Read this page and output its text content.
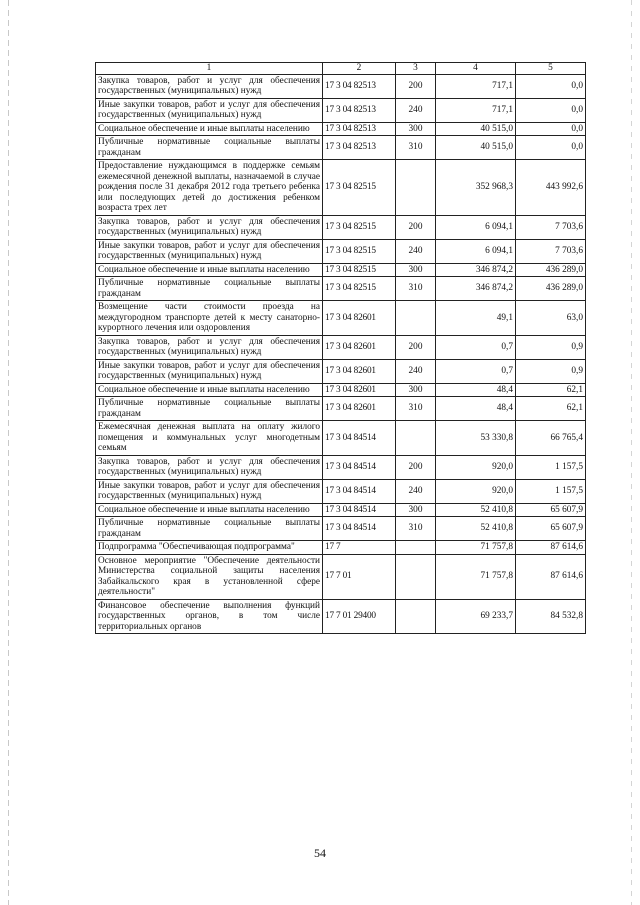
1	2	3	4	5
Закупка товаров, работ и услуг для обеспечения государственных (муниципальных) нужд	17 3 04 82513	200	717,1	0,0
Иные закупки товаров, работ и услуг для обеспечения государственных (муниципальных) нужд	17 3 04 82513	240	717,1	0,0
Социальное обеспечение и иные выплаты населению	17 3 04 82513	300	40 515,0	0,0
Публичные нормативные социальные выплаты гражданам	17 3 04 82513	310	40 515,0	0,0
Предоставление нуждающимся в поддержке семьям ежемесячной денежной выплаты, назначаемой в случае рождения после 31 декабря 2012 года третьего ребенка или последующих детей до достижения ребенком возраста трех лет	17 3 04 82515		352 968,3	443 992,6
Закупка товаров, работ и услуг для обеспечения государственных (муниципальных) нужд	17 3 04 82515	200	6 094,1	7 703,6
Иные закупки товаров, работ и услуг для обеспечения государственных (муниципальных) нужд	17 3 04 82515	240	6 094,1	7 703,6
Социальное обеспечение и иные выплаты населению	17 3 04 82515	300	346 874,2	436 289,0
Публичные нормативные социальные выплаты гражданам	17 3 04 82515	310	346 874,2	436 289,0
Возмещение части стоимости проезда на междугородном транспорте детей к месту санаторно-курортного лечения или оздоровления	17 3 04 82601		49,1	63,0
Закупка товаров, работ и услуг для обеспечения государственных (муниципальных) нужд	17 3 04 82601	200	0,7	0,9
Иные закупки товаров, работ и услуг для обеспечения государственных (муниципальных) нужд	17 3 04 82601	240	0,7	0,9
Социальное обеспечение и иные выплаты населению	17 3 04 82601	300	48,4	62,1
Публичные нормативные социальные выплаты гражданам	17 3 04 82601	310	48,4	62,1
Ежемесячная денежная выплата на оплату жилого помещения и коммунальных услуг многодетным семьям	17 3 04 84514		53 330,8	66 765,4
Закупка товаров, работ и услуг для обеспечения государственных (муниципальных) нужд	17 3 04 84514	200	920,0	1 157,5
Иные закупки товаров, работ и услуг для обеспечения государственных (муниципальных) нужд	17 3 04 84514	240	920,0	1 157,5
Социальное обеспечение и иные выплаты населению	17 3 04 84514	300	52 410,8	65 607,9
Публичные нормативные социальные выплаты гражданам	17 3 04 84514	310	52 410,8	65 607,9
Подпрограмма "Обеспечивающая подпрограмма"	17 7		71 757,8	87 614,6
Основное мероприятие "Обеспечение деятельности Министерства социальной защиты населения Забайкальского края в установленной сфере деятельности"	17 7 01		71 757,8	87 614,6
Финансовое обеспечение выполнения функций государственных органов, в том числе территориальных органов	17 7 01 29400		69 233,7	84 532,8
54
